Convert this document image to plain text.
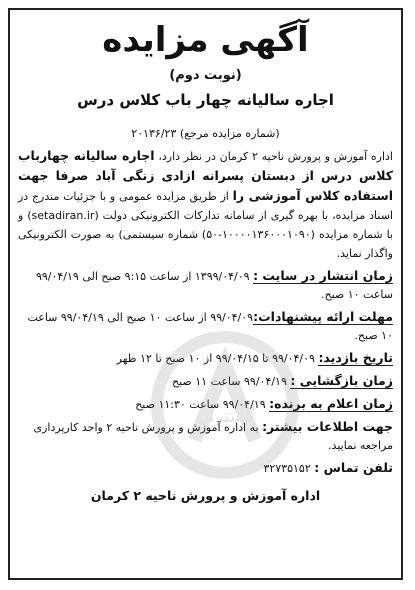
آگهی مزایده
(نوبت دوم)
اجاره سالیانه چهار باب کلاس درس
(شماره مزایده مرجع) ۲۰۱۳۶/۲۳
اداره آموزش و پرورش ناحیه ۲ کرمان در نظر دارد، اجاره سالیانه چهارباب کلاس درس از دبستان پسرانه ازادی زنگی آباد صرفا جهت استفاده کلاس آموزشی را از طریق مزایده عمومی و با جزئیات مندرج در اسناد مزایده، با بهره گیری از سامانه تدارکات الکترونیکی دولت (setadiran.ir) و با شماره مزایده (۱۰۰۰۰۱۳۶۰۰۰۱۰۹۰-۵۰) شماره سیستمی) به صورت الکترونیکی واگذار نماید.
زمان انتشار در سایت : ۱۳۹۹/۰۴/۰۹ از ساعت ۹:۱۵ صبح الی ۹۹/۰۴/۱۹ ساعت ۱۰ صبح.
مهلت ارائه پیشنهادات:۹۹/۰۴/۰۹ از ساعت ۱۰ صبح الی ۹۹/۰۴/۱۹ ساعت ۱۰ صبح.
تاریخ بازدید: ۹۹/۰۴/۰۹ تا ۹۹/۰۴/۱۵ از ۱۰ صبح تا ۱۲ ظهر
زمان بازگشایی : ۹۹/۰۴/۱۹ ساعت ۱۱ صبح
زمان اعلام به برنده: ۹۹/۰۴/۱۹ ساعت ۱۱:۳۰ صبح
جهت اطلاعات بیشتر: به اداره آموزش و پرورش ناحیه ۲ واحد کارپردازی مراجعه نمایید.
تلفن تماس : ۳۲۷۳۵۱۵۲
اداره آموزش و پرورش ناحیه ۲ کرمان
گستران
